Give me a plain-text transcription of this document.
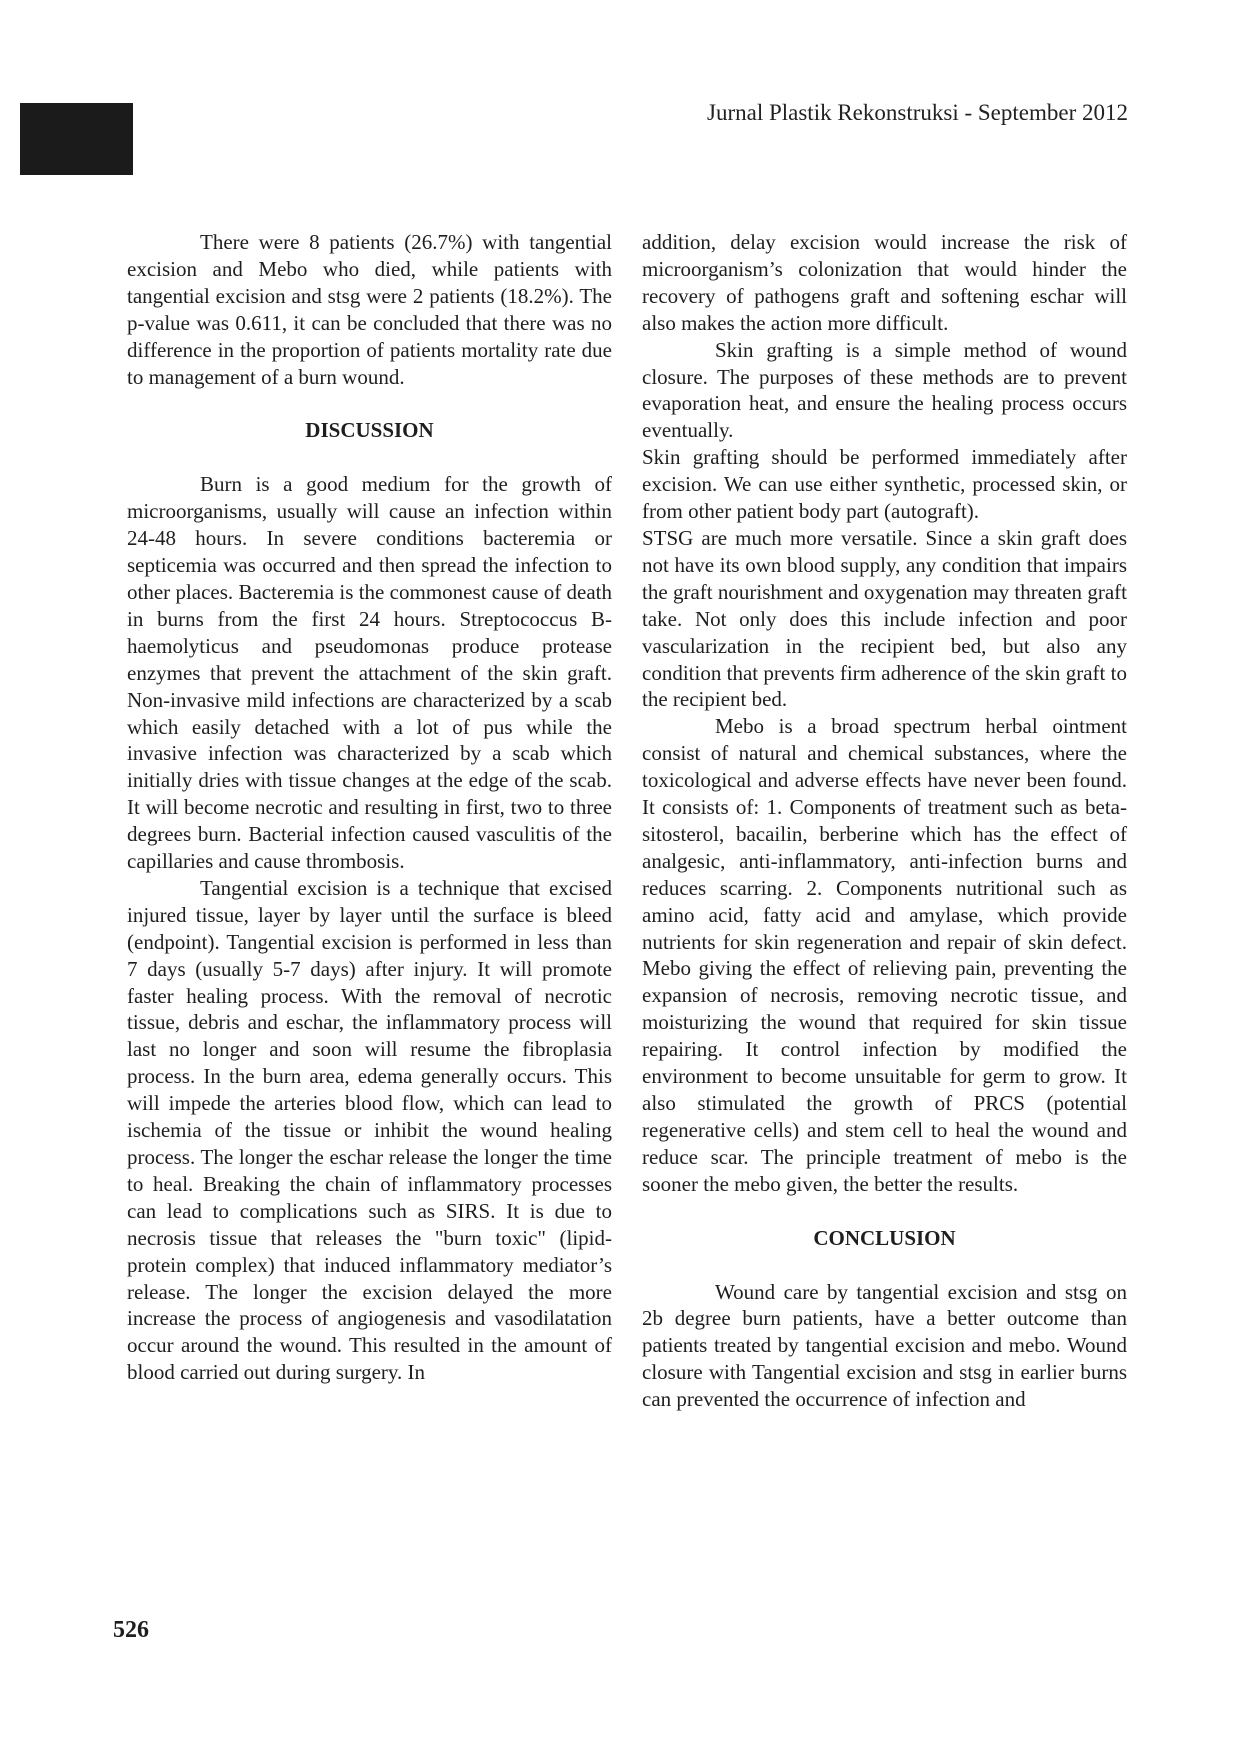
Jurnal Plastik Rekonstruksi - September 2012

There were 8 patients (26.7%) with tangential excision and Mebo who died, while patients with tangential excision and stsg were 2 patients (18.2%). The p-value was 0.611, it can be concluded that there was no difference in the proportion of patients mortality rate due to management of a burn wound.

DISCUSSION

Burn is a good medium for the growth of microorganisms, usually will cause an infection within 24-48 hours. In severe conditions bacteremia or septicemia was occurred and then spread the infection to other places. Bacteremia is the commonest cause of death in burns from the first 24 hours. Streptococcus B-haemolyticus and pseudomonas produce protease enzymes that prevent the attachment of the skin graft. Non-invasive mild infections are characterized by a scab which easily detached with a lot of pus while the invasive infection was characterized by a scab which initially dries with tissue changes at the edge of the scab. It will become necrotic and resulting in first, two to three degrees burn. Bacterial infection caused vasculitis of the capillaries and cause thrombosis.

Tangential excision is a technique that excised injured tissue, layer by layer until the surface is bleed (endpoint). Tangential excision is performed in less than 7 days (usually 5-7 days) after injury. It will promote faster healing process. With the removal of necrotic tissue, debris and eschar, the inflammatory process will last no longer and soon will resume the fibroplasia process. In the burn area, edema generally occurs. This will impede the arteries blood flow, which can lead to ischemia of the tissue or inhibit the wound healing process. The longer the eschar release the longer the time to heal. Breaking the chain of inflammatory processes can lead to complications such as SIRS. It is due to necrosis tissue that releases the "burn toxic" (lipid-protein complex) that induced inflammatory mediator’s release. The longer the excision delayed the more increase the process of angiogenesis and vasodilatation occur around the wound. This resulted in the amount of blood carried out during surgery. In

addition, delay excision would increase the risk of microorganism’s colonization that would hinder the recovery of pathogens graft and softening eschar will also makes the action more difficult.

Skin grafting is a simple method of wound closure. The purposes of these methods are to prevent evaporation heat, and ensure the healing process occurs eventually.

Skin grafting should be performed immediately after excision. We can use either synthetic, processed skin, or from other patient body part (autograft).

STSG are much more versatile. Since a skin graft does not have its own blood supply, any condition that impairs the graft nourishment and oxygenation may threaten graft take. Not only does this include infection and poor vascularization in the recipient bed, but also any condition that prevents firm adherence of the skin graft to the recipient bed.

Mebo is a broad spectrum herbal ointment consist of natural and chemical substances, where the toxicological and adverse effects have never been found. It consists of: 1. Components of treatment such as beta-sitosterol, bacailin, berberine which has the effect of analgesic, anti-inflammatory, anti-infection burns and reduces scarring. 2. Components nutritional such as amino acid, fatty acid and amylase, which provide nutrients for skin regeneration and repair of skin defect. Mebo giving the effect of relieving pain, preventing the expansion of necrosis, removing necrotic tissue, and moisturizing the wound that required for skin tissue repairing. It control infection by modified the environment to become unsuitable for germ to grow. It also stimulated the growth of PRCS (potential regenerative cells) and stem cell to heal the wound and reduce scar. The principle treatment of mebo is the sooner the mebo given, the better the results.

CONCLUSION

Wound care by tangential excision and stsg on 2b degree burn patients, have a better outcome than patients treated by tangential excision and mebo. Wound closure with Tangential excision and stsg in earlier burns can prevented the occurrence of infection and

526
